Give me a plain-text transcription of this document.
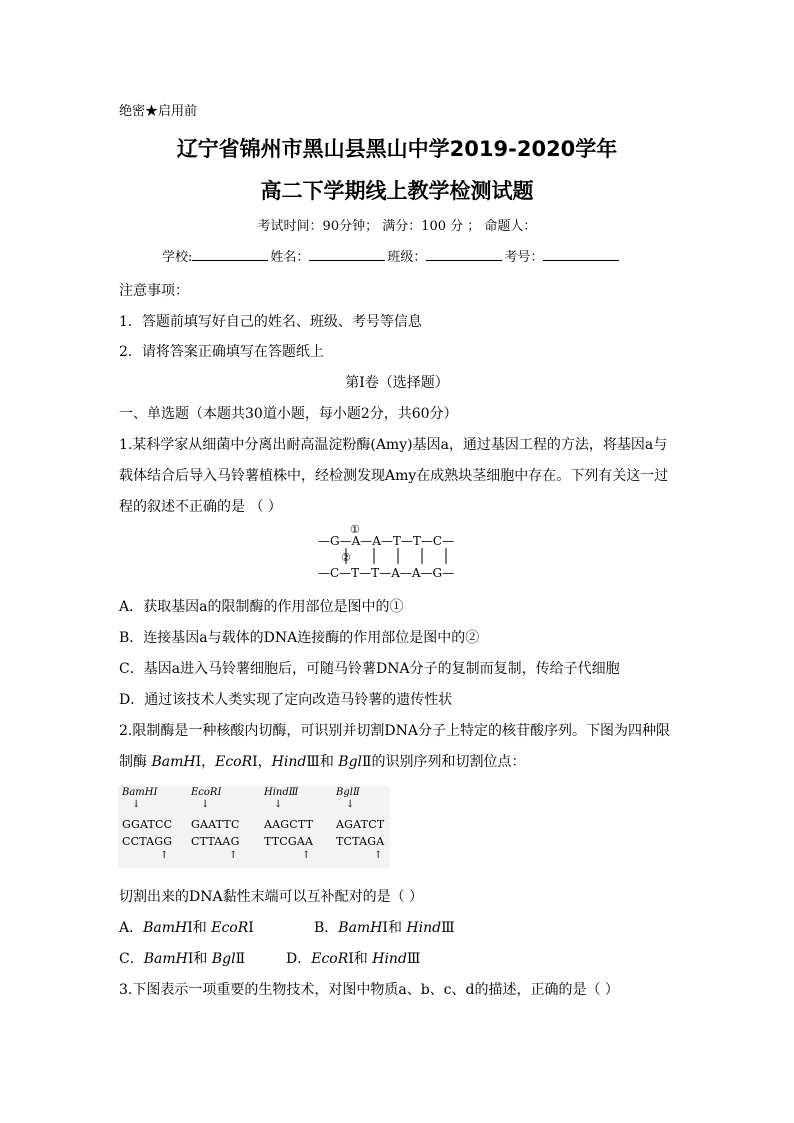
绝密★启用前
辽宁省锦州市黑山县黑山中学2019-2020学年
高二下学期线上教学检测试题
考试时间：90分钟； 满分：100 分 ； 命题人：
学校:	姓名：	班级：	考号：
注意事项：
1．答题前填写好自己的姓名、班级、考号等信息
2．请将答案正确填写在答题纸上
第Ⅰ卷（选择题）
一、单选题（本题共30道小题，每小题2分，共60分）
1.某科学家从细菌中分离出耐高温淀粉酶(Amy)基因a，通过基因工程的方法，将基因a与
载体结合后导入马铃薯植株中，经检测发现Amy在成熟块茎细胞中存在。下列有关这一过
程的叙述不正确的是 （ ）
①
—G—A—A—T—T—C—
②
—C—T—T—A—A—G—
A．获取基因a的限制酶的作用部位是图中的①
B．连接基因a与载体的DNA连接酶的作用部位是图中的②
C．基因a进入马铃薯细胞后，可随马铃薯DNA分子的复制而复制，传给子代细胞
D．通过该技术人类实现了定向改造马铃薯的遗传性状
2.限制酶是一种核酸内切酶，可识别并切割DNA分子上特定的核苷酸序列。下图为四种限
制酶 BamHⅠ，EcoRⅠ，HindⅢ和 BglⅡ的识别序列和切割位点：
BamHⅠ
↓
GGATCC
CCTAGG
↑
EcoRⅠ
↓
GAATTC
CTTAAG
↑
HindⅢ
↓
AAGCTT
TTCGAA
↑
BglⅡ
↓
AGATCT
TCTAGA
↑
切割出来的DNA黏性末端可以互补配对的是（ ）
A．BamHⅠ和 EcoRⅠ	B．BamHⅠ和 HindⅢ
C．BamHⅠ和 BglⅡ	D．EcoRⅠ和 HindⅢ
3.下图表示一项重要的生物技术，对图中物质a、b、c、d的描述，正确的是（ ）
